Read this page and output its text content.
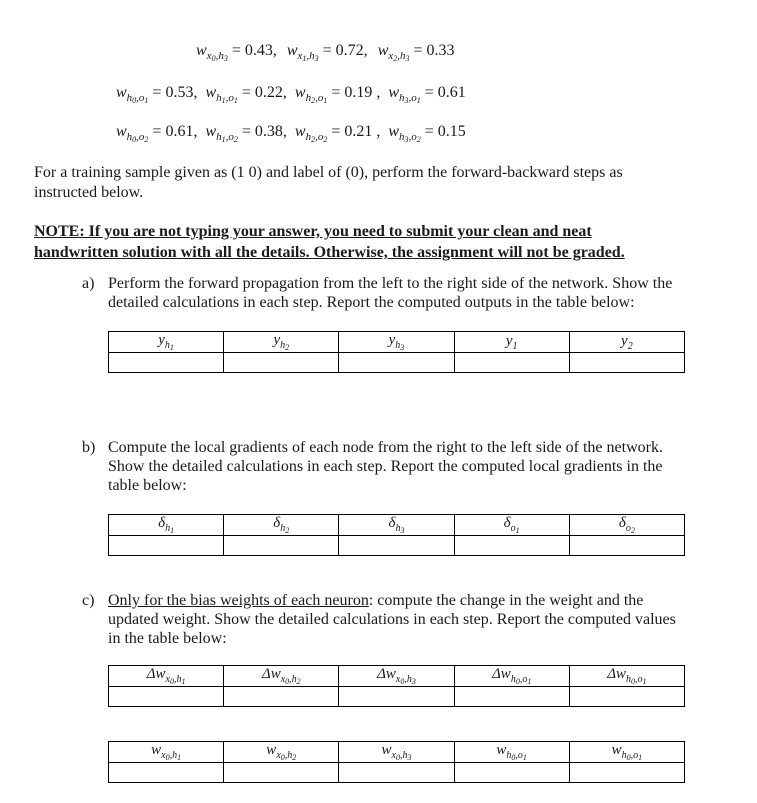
$w_{x_0,h_3} = 0.43$, $w_{x_1,h_3} = 0.72$, $w_{x_2,h_3} = 0.33$
$w_{h_0,o_1} = 0.53$, $w_{h_1,o_1} = 0.22$, $w_{h_2,o_1} = 0.19$ , $w_{h_3,o_1} = 0.61$
$w_{h_0,o_2} = 0.61$, $w_{h_1,o_2} = 0.38$, $w_{h_2,o_2} = 0.21$ , $w_{h_3,o_2} = 0.15$
For a training sample given as (1 0) and label of (0), perform the forward-backward steps as instructed below.
NOTE: If you are not typing your answer, you need to submit your clean and neat handwritten solution with all the details. Otherwise, the assignment will not be graded.
a) Perform the forward propagation from the left to the right side of the network. Show the detailed calculations in each step. Report the computed outputs in the table below:
$y_{h_1}$	$y_{h_2}$	$y_{h_3}$	$y_1$	$y_2$

b) Compute the local gradients of each node from the right to the left side of the network. Show the detailed calculations in each step. Report the computed local gradients in the table below:
$\delta_{h_1}$	$\delta_{h_2}$	$\delta_{h_3}$	$\delta_{o_1}$	$\delta_{o_2}$

c) Only for the bias weights of each neuron: compute the change in the weight and the updated weight. Show the detailed calculations in each step. Report the computed values in the table below:
$\Delta w_{x_0,h_1}$	$\Delta w_{x_0,h_2}$	$\Delta w_{x_0,h_3}$	$\Delta w_{h_0,o_1}$	$\Delta w_{h_0,o_1}$

$w_{x_0,h_1}$	$w_{x_0,h_2}$	$w_{x_0,h_3}$	$w_{h_0,o_1}$	$w_{h_0,o_1}$
